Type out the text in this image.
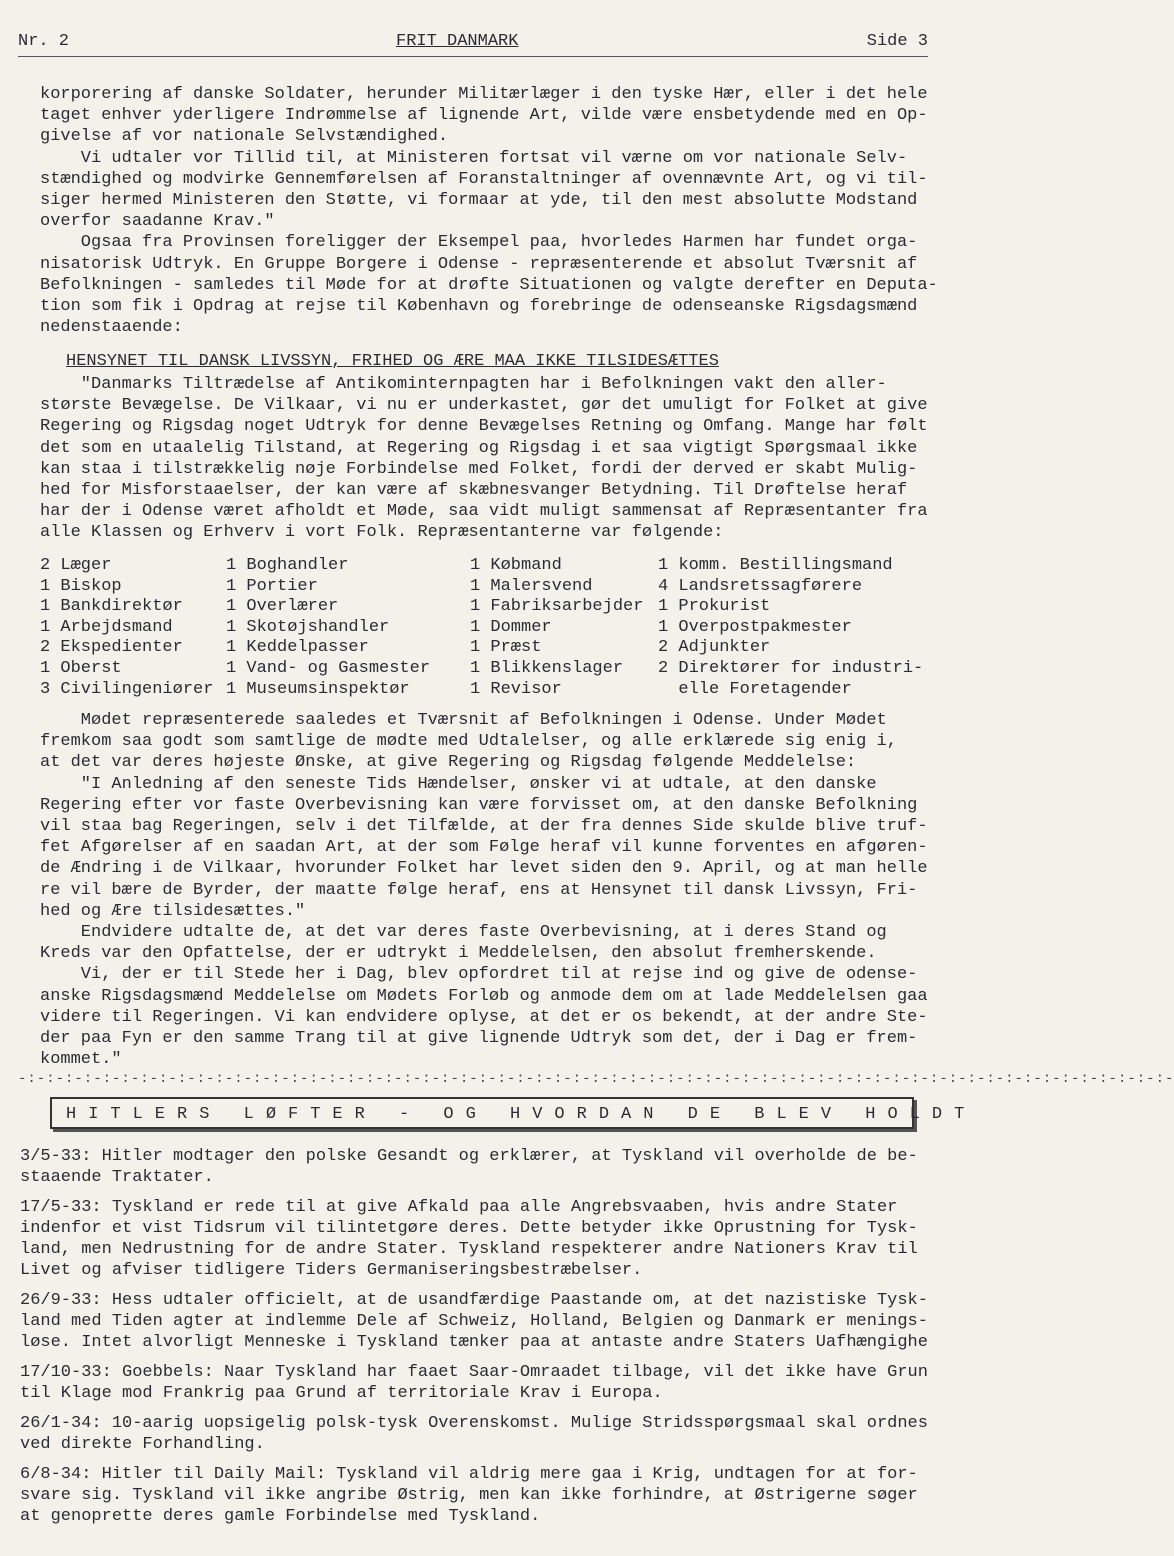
Nr. 2	FRIT DANMARK	Side 3
korporering af danske Soldater, herunder Militærlæger i den tyske Hær, eller i det hele
taget enhver yderligere Indrømmelse af lignende Art, vilde være ensbetydende med en Op-
givelse af vor nationale Selvstændighed.
Vi udtaler vor Tillid til, at Ministeren fortsat vil værne om vor nationale Selv-
stændighed og modvirke Gennemførelsen af Foranstaltninger af ovennævnte Art, og vi til-
siger hermed Ministeren den Støtte, vi formaar at yde, til den mest absolutte Modstand
overfor saadanne Krav."
Ogsaa fra Provinsen foreligger der Eksempel paa, hvorledes Harmen har fundet orga-
nisatorisk Udtryk. En Gruppe Borgere i Odense - repræsenterende et absolut Tværsnit af
Befolkningen - samledes til Møde for at drøfte Situationen og valgte derefter en Deputa-
tion som fik i Opdrag at rejse til København og forebringe de odenseanske Rigsdagsmænd
nedenstaaende:
HENSYNET TIL DANSK LIVSSYN, FRIHED OG ÆRE MAA IKKE TILSIDESÆTTES
"Danmarks Tiltrædelse af Antikominternpagten har i Befolkningen vakt den aller-
største Bevægelse. De Vilkaar, vi nu er underkastet, gør det umuligt for Folket at give
Regering og Rigsdag noget Udtryk for denne Bevægelses Retning og Omfang. Mange har følt
det som en utaalelig Tilstand, at Regering og Rigsdag i et saa vigtigt Spørgsmaal ikke
kan staa i tilstrækkelig nøje Forbindelse med Folket, fordi der derved er skabt Mulig-
hed for Misforstaaelser, der kan være af skæbnesvanger Betydning. Til Drøftelse heraf
har der i Odense været afholdt et Møde, saa vidt muligt sammensat af Repræsentanter fra
alle Klassen og Erhverv i vort Folk. Repræsentanterne var følgende:
2 Læger	1 Boghandler	1 Købmand	1 komm. Bestillingsmand
1 Biskop	1 Portier	1 Malersvend	4 Landsretssagførere
1 Bankdirektør	1 Overlærer	1 Fabriksarbejder 1 Prokurist
1 Arbejdsmand	1 Skotøjshandler	1 Dommer	1 Overpostpakmester
2 Ekspedienter	1 Keddelpasser	1 Præst	2 Adjunkter
1 Oberst	1 Vand- og Gasmester 1 Blikkenslager 2 Direktører for industri-
3 Civilingeniører 1 Museumsinspektør	1 Revisor	elle Foretagender
Mødet repræsenterede saaledes et Tværsnit af Befolkningen i Odense. Under Mødet
fremkom saa godt som samtlige de mødte med Udtalelser, og alle erklærede sig enig i,
at det var deres højeste Ønske, at give Regering og Rigsdag følgende Meddelelse:
"I Anledning af den seneste Tids Hændelser, ønsker vi at udtale, at den danske
Regering efter vor faste Overbevisning kan være forvisset om, at den danske Befolkning
vil staa bag Regeringen, selv i det Tilfælde, at der fra dennes Side skulde blive truf-
fet Afgørelser af en saadan Art, at der som Følge heraf vil kunne forventes en afgøren-
de Ændring i de Vilkaar, hvorunder Folket har levet siden den 9. April, og at man helle
re vil bære de Byrder, der maatte følge heraf, ens at Hensynet til dansk Livssyn, Fri-
hed og Ære tilsidesættes."
Endvidere udtalte de, at det var deres faste Overbevisning, at i deres Stand og
Kreds var den Opfattelse, der er udtrykt i Meddelelsen, den absolut fremherskende.
Vi, der er til Stede her i Dag, blev opfordret til at rejse ind og give de odense-
anske Rigsdagsmænd Meddelelse om Mødets Forløb og anmode dem om at lade Meddelelsen gaa
videre til Regeringen. Vi kan endvidere oplyse, at det er os bekendt, at der andre Ste-
der paa Fyn er den samme Trang til at give lignende Udtryk som det, der i Dag er frem-
kommet."
-:-:-:-:-:-:-:-:-:-:-:-:-:-:-:-:-:-:-:-:-:-:-:-:-:-:-:-:-:-:-:-:-:-:-:-:-:-:-:-:-:-:-:-:-:-:-:-:-:-:-:-:-:-:-:-:-:-:-:-:-:-
HITLERS LØFTER - OG HVORDAN DE BLEV HOLDT
3/5-33: Hitler modtager den polske Gesandt og erklærer, at Tyskland vil overholde de be-
staaende Traktater.
17/5-33: Tyskland er rede til at give Afkald paa alle Angrebsvaaben, hvis andre Stater
indenfor et vist Tidsrum vil tilintetgøre deres. Dette betyder ikke Oprustning for Tysk-
land, men Nedrustning for de andre Stater. Tyskland respekterer andre Nationers Krav til
Livet og afviser tidligere Tiders Germaniseringsbestræbelser.
26/9-33: Hess udtaler officielt, at de usandfærdige Paastande om, at det nazistiske Tysk-
land med Tiden agter at indlemme Dele af Schweiz, Holland, Belgien og Danmark er menings-
løse. Intet alvorligt Menneske i Tyskland tænker paa at antaste andre Staters Uafhængighe
17/10-33: Goebbels: Naar Tyskland har faaet Saar-Omraadet tilbage, vil det ikke have Grun
til Klage mod Frankrig paa Grund af territoriale Krav i Europa.
26/1-34: 10-aarig uopsigelig polsk-tysk Overenskomst. Mulige Stridsspørgsmaal skal ordnes
ved direkte Forhandling.
6/8-34: Hitler til Daily Mail: Tyskland vil aldrig mere gaa i Krig, undtagen for at for-
svare sig. Tyskland vil ikke angribe Østrig, men kan ikke forhindre, at Østrigerne søger
at genoprette deres gamle Forbindelse med Tyskland.
